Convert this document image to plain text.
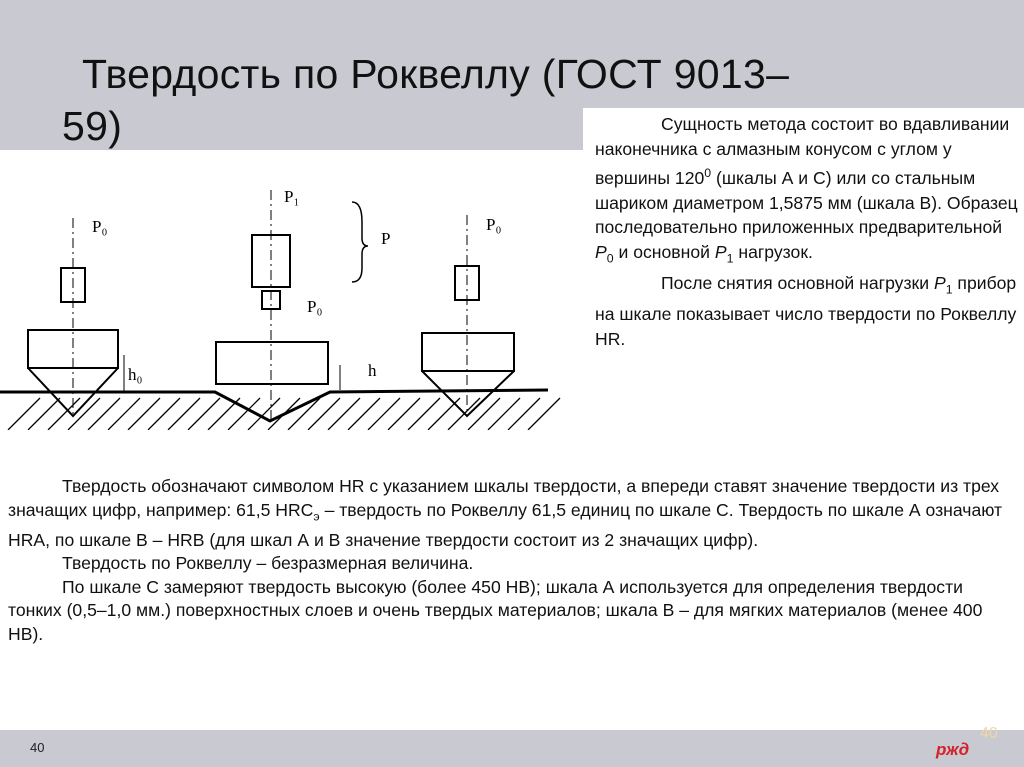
Твердость по Роквеллу (ГОСТ 9013–
59)	Сущность метода состоит во вдавливании наконечника с алмазным конусом с углом у вершины $120^0$ (шкалы А и С) или со стальным шариком диаметром 1,5875 мм (шкала В). Образец последовательно приложенных предварительной $P_0$ и основной $P_1$ нагрузок.

После снятия основной нагрузки $P_1$ прибор на шкале показывает число твердости по Роквеллу HR.

P₀
P₁
P₀
P
P₀
h₀	h

Твердость обозначают символом HR с указанием шкалы твердости, а впереди ставят значение твердости из трех значащих цифр, например: 61,5 $HRC_э$ – твердость по Роквеллу 61,5 единиц по шкале С. Твердость по шкале А означают HRA, по шкале В – HRB (для шкал А и В значение твердости состоит из 2 значащих цифр).

Твердость по Роквеллу – безразмерная величина.

По шкале С замеряют твердость высокую (более 450 НВ); шкала А используется для определения твердости тонких (0,5–1,0 мм.) поверхностных слоев и очень твердых материалов; шкала В – для мягких материалов (менее 400 НВ).

40
40
ржд
